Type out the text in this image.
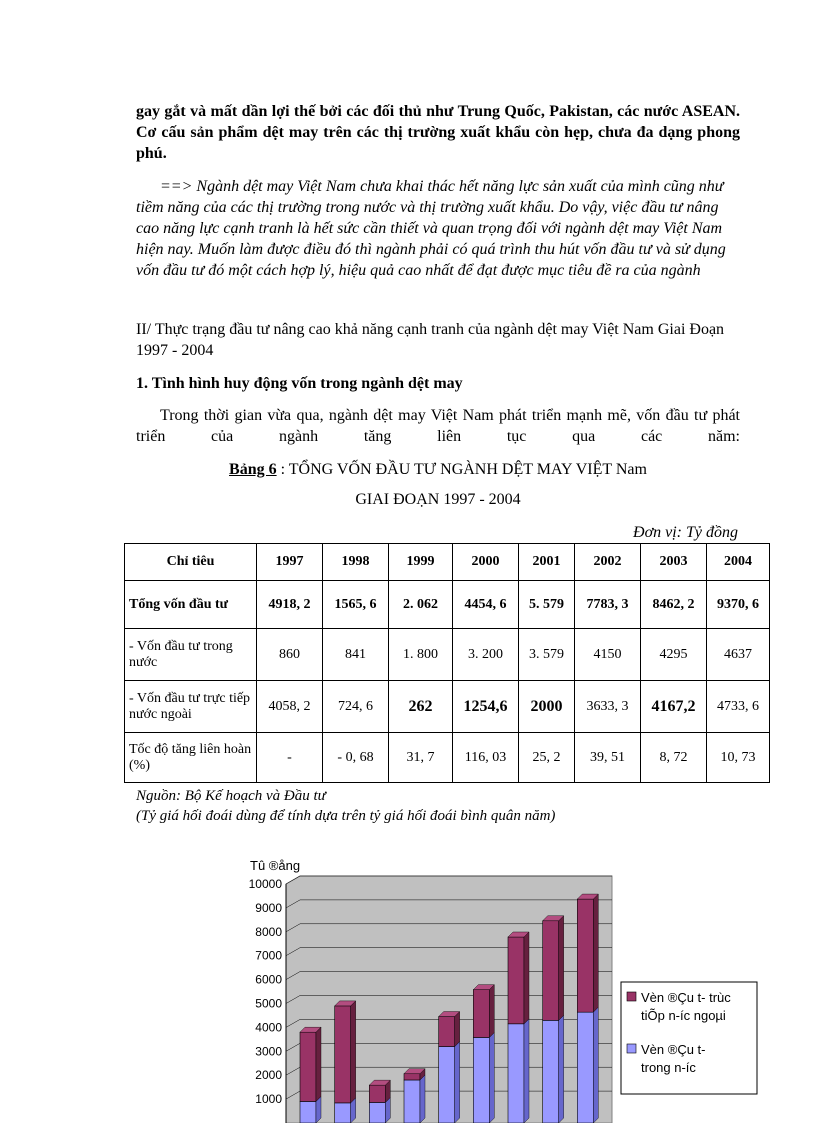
gay gắt và mất dần lợi thế bởi các đối thủ như Trung Quốc, Pakistan, các nước ASEAN. Cơ cấu sản phẩm dệt may trên các thị trường xuất khẩu còn hẹp, chưa đa dạng phong phú.

==> Ngành dệt may Việt Nam chưa khai thác hết năng lực sản xuất của mình cũng như tiềm năng của các thị trường trong nước và thị trường xuất khẩu. Do vậy, việc đầu tư nâng cao năng lực cạnh tranh là hết sức cần thiết và quan trọng đối với ngành dệt may Việt Nam hiện nay. Muốn làm được điều đó thì ngành phải có quá trình thu hút vốn đầu tư và sử dụng vốn đầu tư đó một cách hợp lý, hiệu quả cao nhất để đạt được mục tiêu đề ra của ngành

II/ Thực trạng đầu tư nâng cao khả năng cạnh tranh của ngành dệt may Việt Nam Giai Đoạn 1997 - 2004

1. Tình hình huy động vốn trong ngành dệt may

Trong thời gian vừa qua, ngành dệt may Việt Nam phát triển mạnh mẽ, vốn đầu tư phát triển của ngành tăng liên tục qua các năm:

Bảng 6 : TỔNG VỐN ĐẦU TƯ NGÀNH DỆT MAY VIỆT Nam

GIAI ĐOẠN 1997 - 2004

Đơn vị: Tỷ đồng
Chỉ tiêu	1997	1998	1999	2000	2001	2002	2003	2004
Tổng vốn đầu tư	4918, 2	1565, 6	2. 062	4454, 6	5. 579	7783, 3	8462, 2	9370, 6
- Vốn đầu tư trong nước	860	841	1. 800	3. 200	3. 579	4150	4295	4637
- Vốn đầu tư trực tiếp nước ngoài	4058, 2	724, 6	262	1254,6	2000	3633, 3	4167,2	4733, 6
Tốc độ tăng liên hoàn (%)	-	- 0, 68	31, 7	116, 03	25, 2	39, 51	8, 72	10, 73
Nguồn: Bộ Kế hoạch và Đầu tư
(Tỷ giá hối đoái dùng để tính dựa trên tỷ giá hối đoái bình quân năm)
Tû ®ång
10000
9000
8000
7000
6000
5000
4000
3000
2000
1000
Vèn ®Çu t- trùc tiÕp n-íc ngoµi
Vèn ®Çu t-trong n-íc
